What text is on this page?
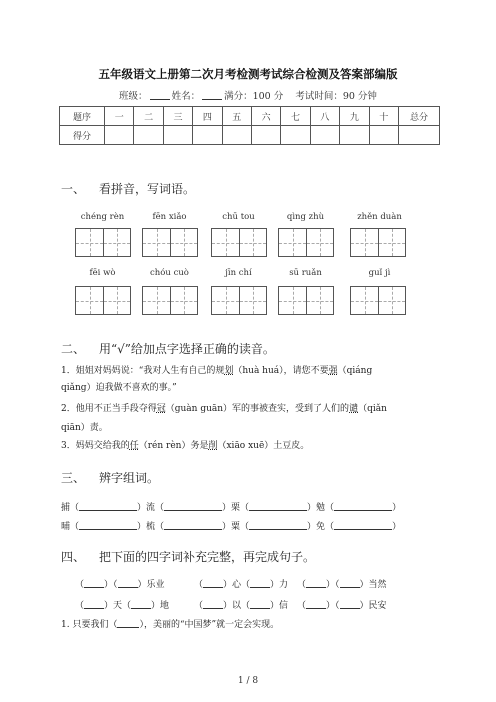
五年级语文上册第二次月考检测考试综合检测及答案部编版
班级：	姓名：	满分：100 分 考试时间：90 分钟
题序	一	二	三	四	五	六	七	八	九	十	总分
得分											
一、 看拼音，写词语。
chéng rèn	fēn xiǎo	chū tou	qìng zhù	zhěn duàn
fēi wò	chóu cuò	jīn chí	sū ruǎn	guǐ jì
二、 用“√”给加点字选择正确的读音。
1．姐姐对妈妈说：“我对人生有自己的规划（huà huá），请您不要强（qiáng
qiǎng）迫我做不喜欢的事。”
2．他用不正当手段夺得冠（guàn guān）军的事被查实，受到了人们的谴（qiǎn
qiān）责。
3．妈妈交给我的任（rén rèn）务是削（xiāo xuē）土豆皮。
三、 辨字组词。
捕（	）流（	）栗（	）勉（	）
晡（	）梳（	）粟（	）免（	）
四、 把下面的四字词补充完整，再完成句子。
（ ）（ ）乐业	（ ）心（ ）力 （ ）（ ）当然
（ ）天（ ）地	（ ）以（ ）信 （ ）（ ）民安
1. 只要我们（ ），美丽的“中国梦”就一定会实现。
1 / 8
